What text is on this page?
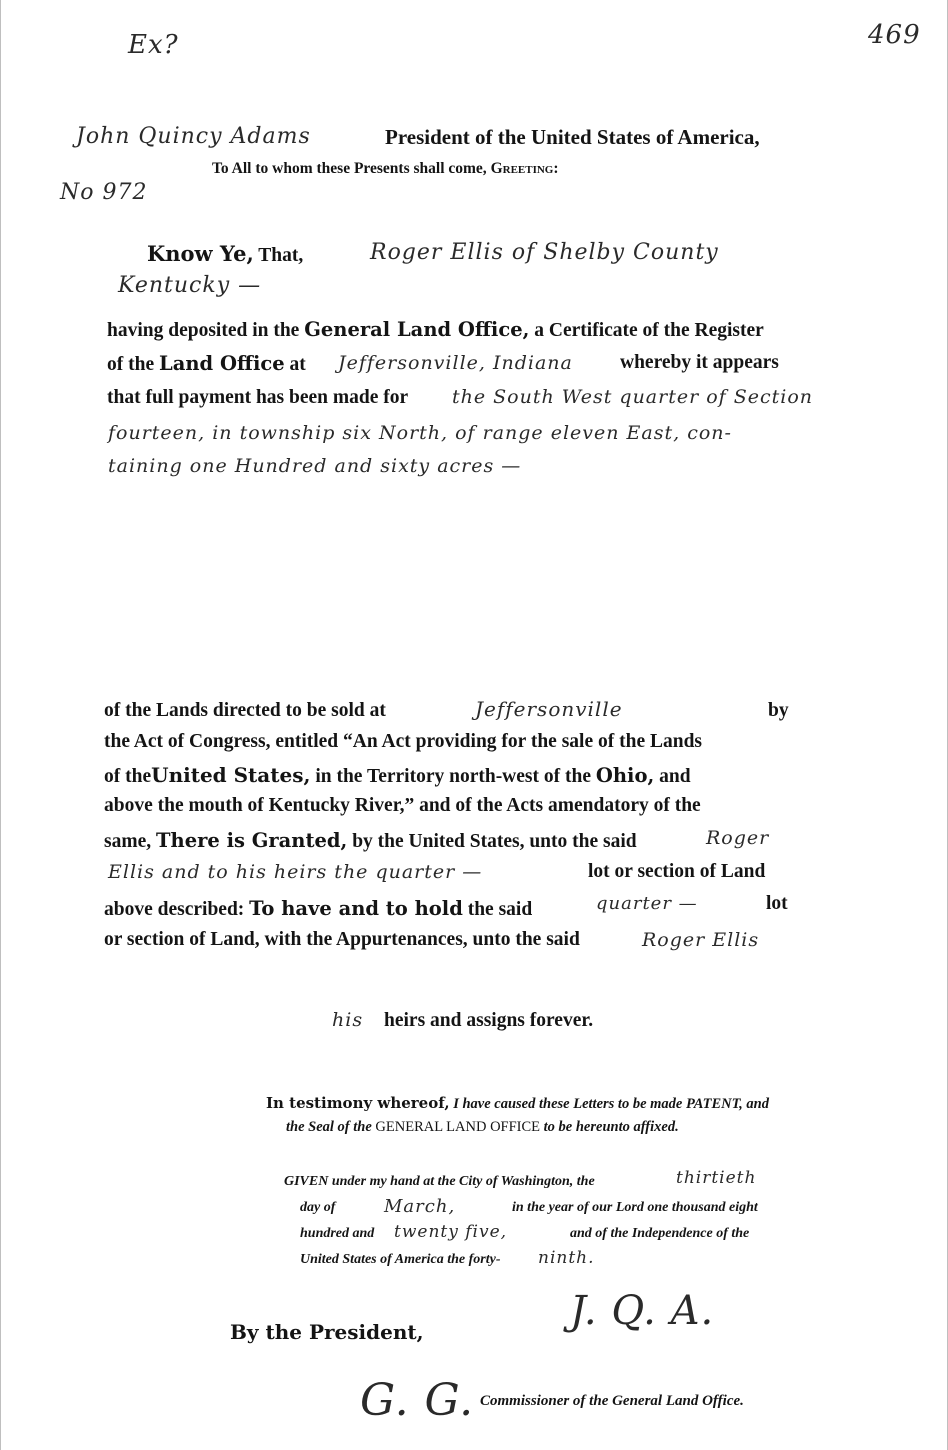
Ex?	469
John Quincy Adams	President of the United States of America,
To All to whom these Presents shall come, Greeting:
No 972
Know Ye, That,	Roger Ellis of Shelby County
Kentucky —
having deposited in the General Land Office, a Certificate of the Register
of the Land Office at Jeffersonville, Indiana whereby it appears
that full payment has been made for the South West quarter of Section
fourteen, in township six North, of range eleven East, con-
taining one Hundred and sixty acres —
of the Lands directed to be sold at	Jeffersonville	by
the Act of Congress, entitled “An Act providing for the sale of the Lands
of theUnited States, in the Territory north-west of the Ohio, and
above the mouth of Kentucky River,” and of the Acts amendatory of the
same, There is Granted, by the United States, unto the said	Roger
Ellis and to his heirs the quarter —	lot or section of Land
above described: To have and to hold the said	quarter —	lot
or section of Land, with the Appurtenances, unto the said	Roger Ellis
his heirs and assigns forever.
In testimony whereof, I have caused these Letters to be made PATENT, and
the Seal of the GENERAL LAND OFFICE to be hereunto affixed.
GIVEN under my hand at the City of Washington, the	thirtieth
day of	March,	in the year of our Lord one thousand eight
hundred and twenty five,	and of the Independence of the
United States of America the forty- ninth.
J. Q. A.
By the President,
G. G. Commissioner of the General Land Office.
